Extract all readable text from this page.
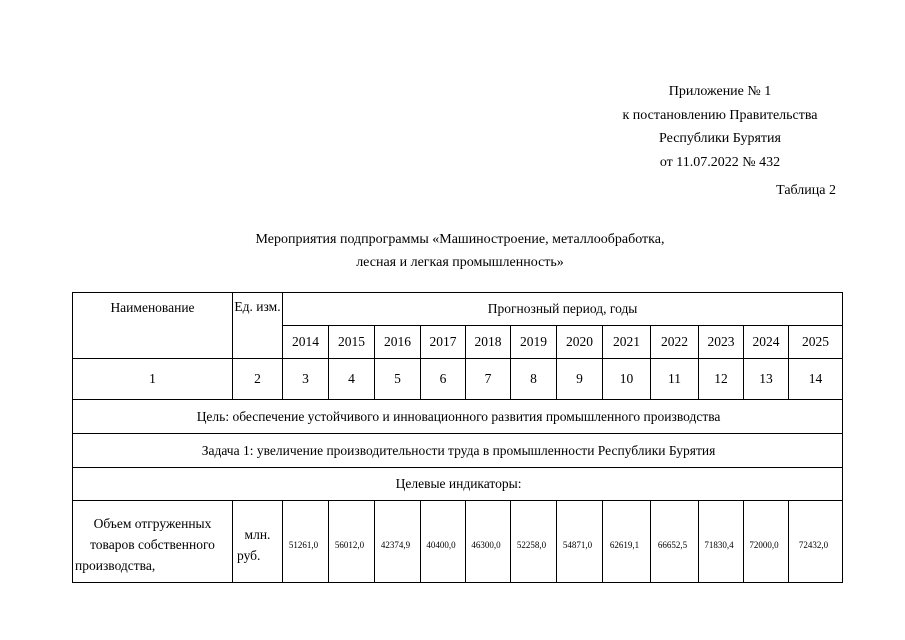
Приложение № 1
к постановлению Правительства
Республики Бурятия
от 11.07.2022 № 432
Таблица 2
Мероприятия подпрограммы «Машиностроение, металлообработка,
лесная и легкая промышленность»
Наименование	Ед. изм.	Прогнозный период, годы											
		2014	2015	2016	2017	2018	2019	2020	2021	2022	2023	2024	2025
1	2	3	4	5	6	7	8	9	10	11	12	13	14
Цель: обеспечение устойчивого и инновационного развития промышленного производства													
Задача 1: увеличение производительности труда в промышленности Республики Бурятия													
Целевые индикаторы:													
Объем отгруженных товаров собственного производства,	млн. руб.	51261,0	56012,0	42374,9	40400,0	46300,0	52258,0	54871,0	62619,1	66652,5	71830,4	72000,0	72432,0
